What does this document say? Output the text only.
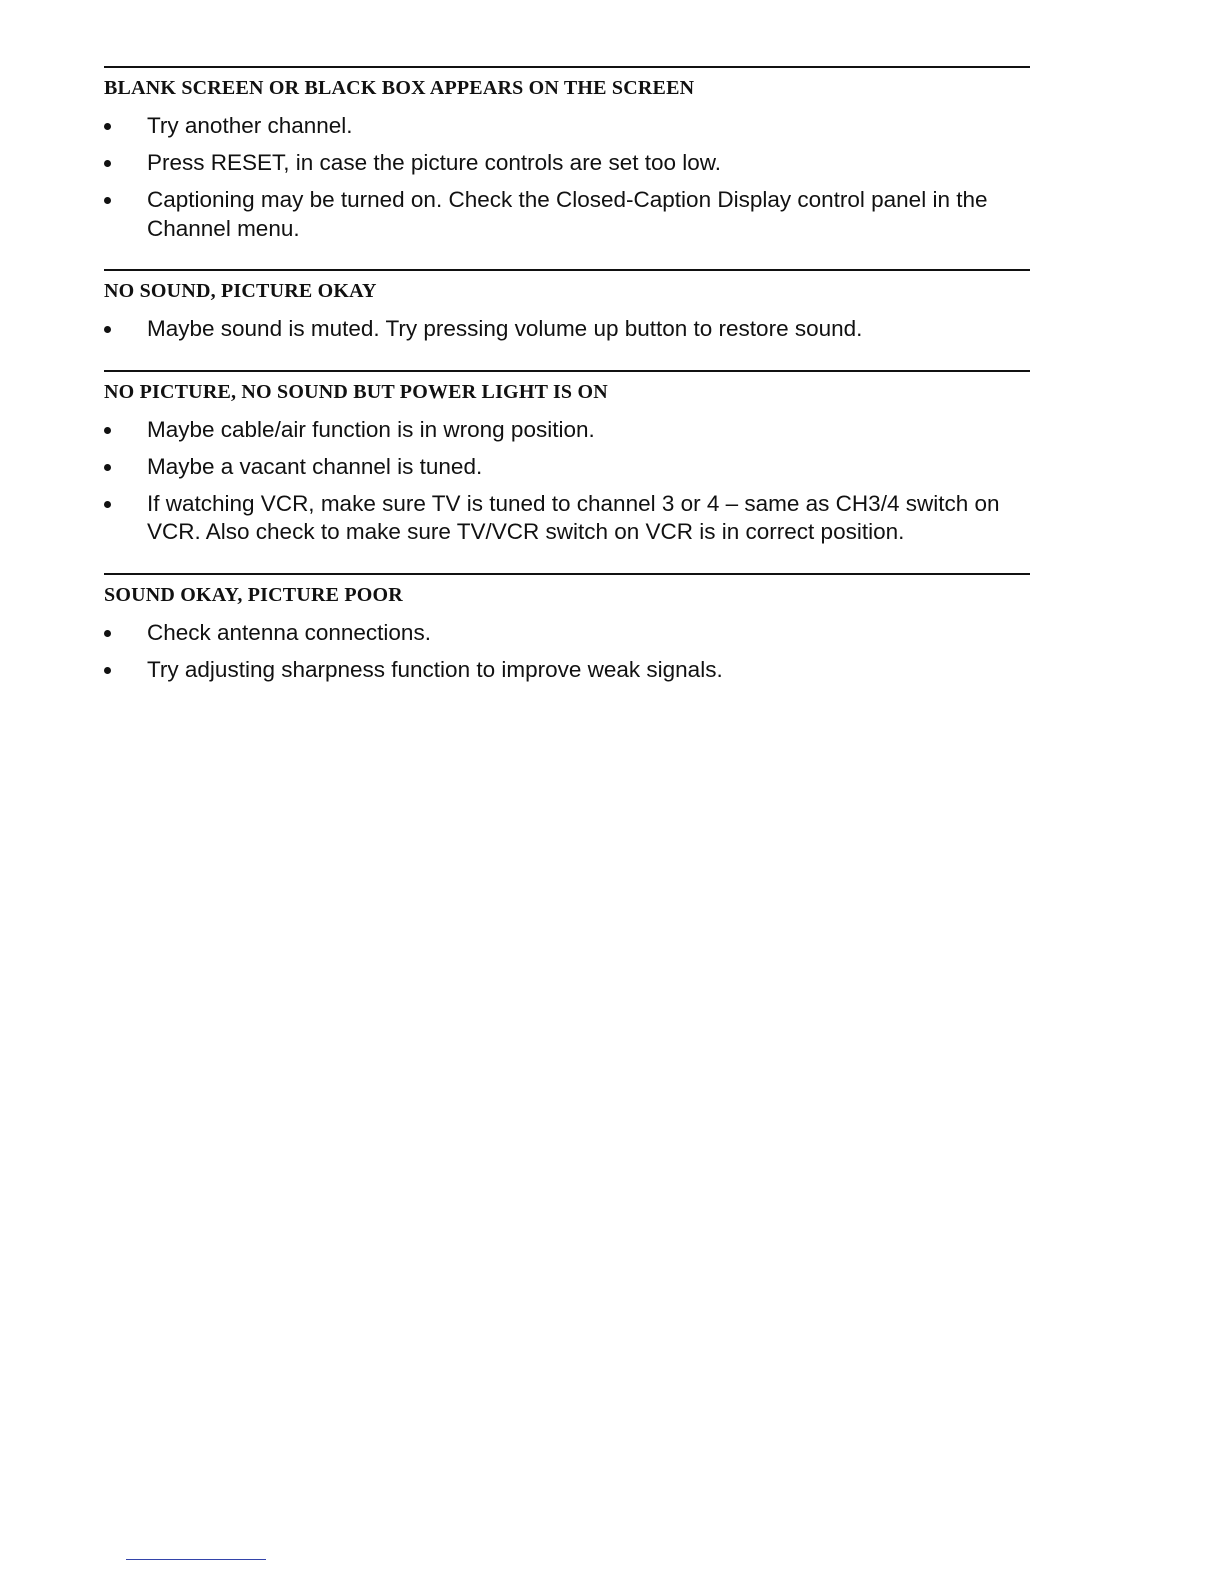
BLANK SCREEN OR BLACK BOX APPEARS ON THE SCREEN
Try another channel.
Press RESET, in case the picture controls are set too low.
Captioning may be turned on. Check the Closed-Caption Display control panel in the Channel menu.
NO SOUND, PICTURE OKAY
Maybe sound is muted. Try pressing volume up button to restore sound.
NO PICTURE, NO SOUND BUT POWER LIGHT IS ON
Maybe cable/air function is in wrong position.
Maybe a vacant channel is tuned.
If watching VCR, make sure TV is tuned to channel 3 or 4 – same as CH3/4 switch on VCR. Also check to make sure TV/VCR switch on VCR is in correct position.
SOUND OKAY, PICTURE POOR
Check antenna connections.
Try adjusting sharpness function to improve weak signals.
